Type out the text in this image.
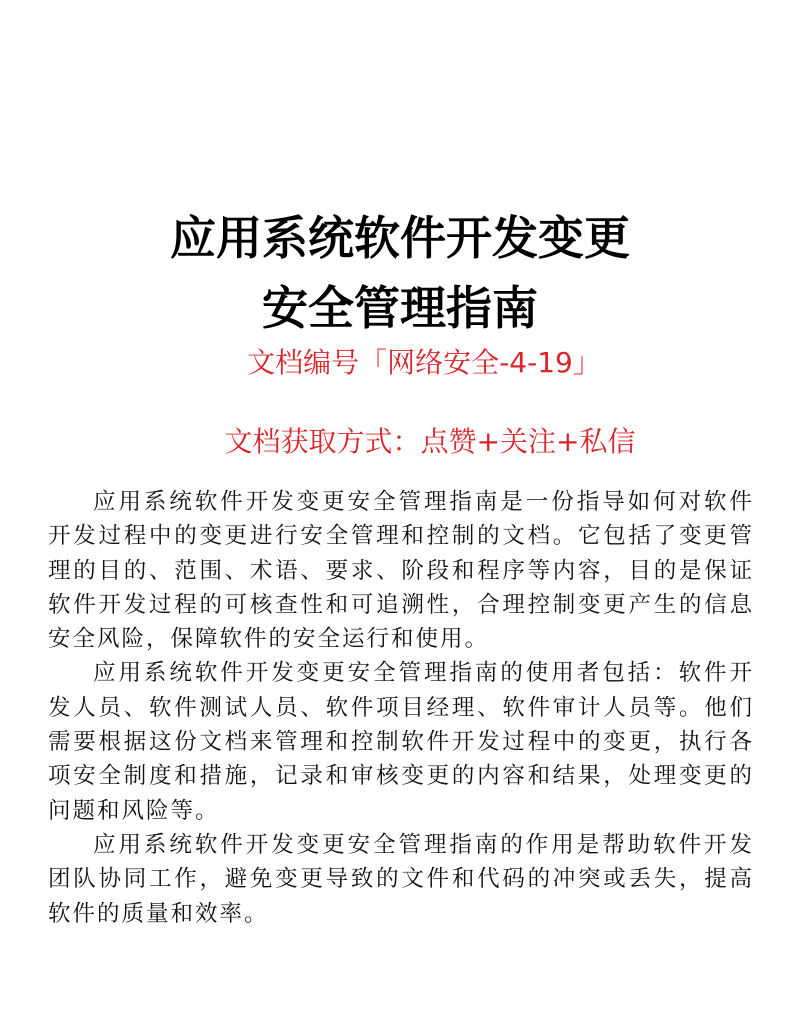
应用系统软件开发变更
安全管理指南
文档编号「网络安全-4-19」
文档获取方式：点赞+关注+私信

应用系统软件开发变更安全管理指南是一份指导如何对软件开发过程中的变更进行安全管理和控制的文档。它包括了变更管理的目的、范围、术语、要求、阶段和程序等内容，目的是保证软件开发过程的可核查性和可追溯性，合理控制变更产生的信息安全风险，保障软件的安全运行和使用。

应用系统软件开发变更安全管理指南的使用者包括：软件开发人员、软件测试人员、软件项目经理、软件审计人员等。他们需要根据这份文档来管理和控制软件开发过程中的变更，执行各项安全制度和措施，记录和审核变更的内容和结果，处理变更的问题和风险等。

应用系统软件开发变更安全管理指南的作用是帮助软件开发团队协同工作，避免变更导致的文件和代码的冲突或丢失，提高软件的质量和效率。
